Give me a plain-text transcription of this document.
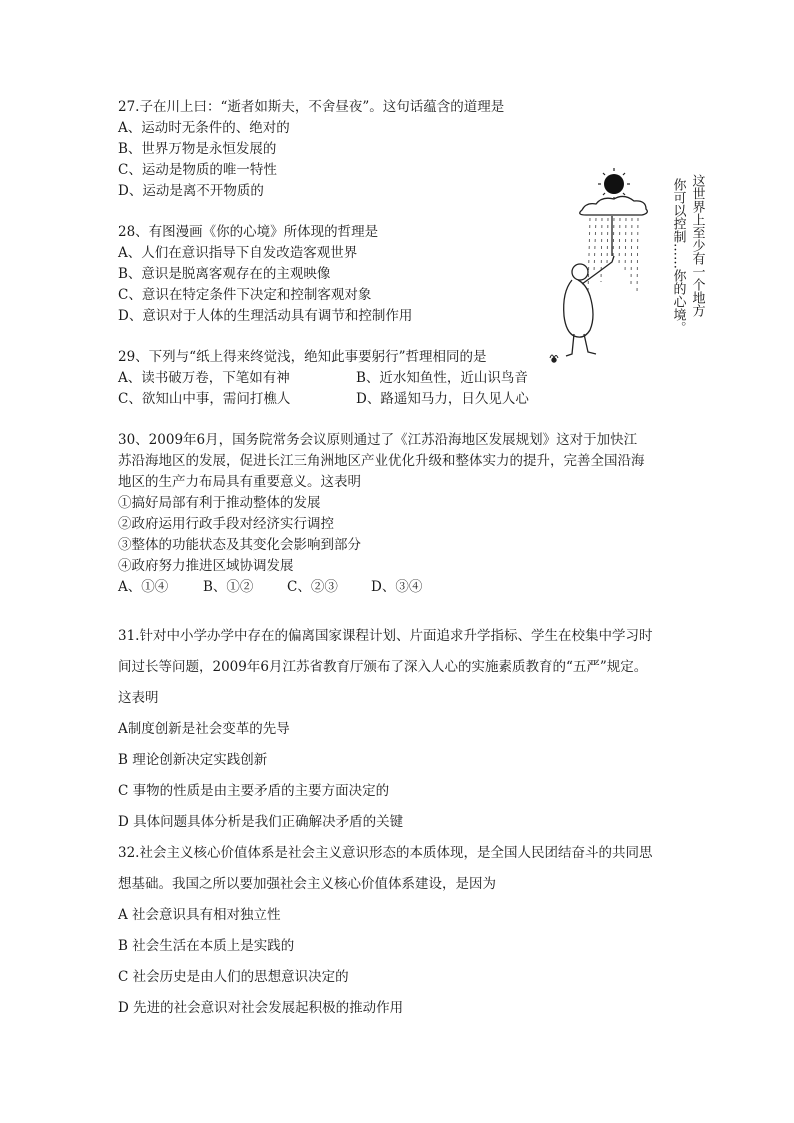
27.子在川上曰：“逝者如斯夫，不舍昼夜”。这句话蕴含的道理是
A、运动时无条件的、绝对的
B、世界万物是永恒发展的
C、运动是物质的唯一特性
D、运动是离不开物质的
28、有图漫画《你的心境》所体现的哲理是
A、人们在意识指导下自发改造客观世界
B、意识是脱离客观存在的主观映像
C、意识在特定条件下决定和控制客观对象
D、意识对于人体的生理活动具有调节和控制作用
29、下列与“纸上得来终觉浅，绝知此事要躬行”哲理相同的是
A、读书破万卷，下笔如有神	B、近水知鱼性，近山识鸟音
C、欲知山中事，需问打樵人	D、路遥知马力，日久见人心
30、2009年6月，国务院常务会议原则通过了《江苏沿海地区发展规划》这对于加快江
苏沿海地区的发展，促进长江三角洲地区产业优化升级和整体实力的提升，完善全国沿海
地区的生产力布局具有重要意义。这表明
①搞好局部有利于推动整体的发展
②政府运用行政手段对经济实行调控
③整体的功能状态及其变化会影响到部分
④政府努力推进区域协调发展
A、①④	B、①② C、②③ D、③④
31.针对中小学办学中存在的偏离国家课程计划、片面追求升学指标、学生在校集中学习时
间过长等问题，2009年6月江苏省教育厅颁布了深入人心的实施素质教育的“五严”规定。
这表明
A制度创新是社会变革的先导
B 理论创新决定实践创新
C 事物的性质是由主要矛盾的主要方面决定的
D 具体问题具体分析是我们正确解决矛盾的关键
32.社会主义核心价值体系是社会主义意识形态的本质体现，是全国人民团结奋斗的共同思
想基础。我国之所以要加强社会主义核心价值体系建设，是因为
A 社会意识具有相对独立性
B 社会生活在本质上是实践的
C 社会历史是由人们的思想意识决定的
D 先进的社会意识对社会发展起积极的推动作用
这世界上至少有一个地方
你可以控制……你的心境。
